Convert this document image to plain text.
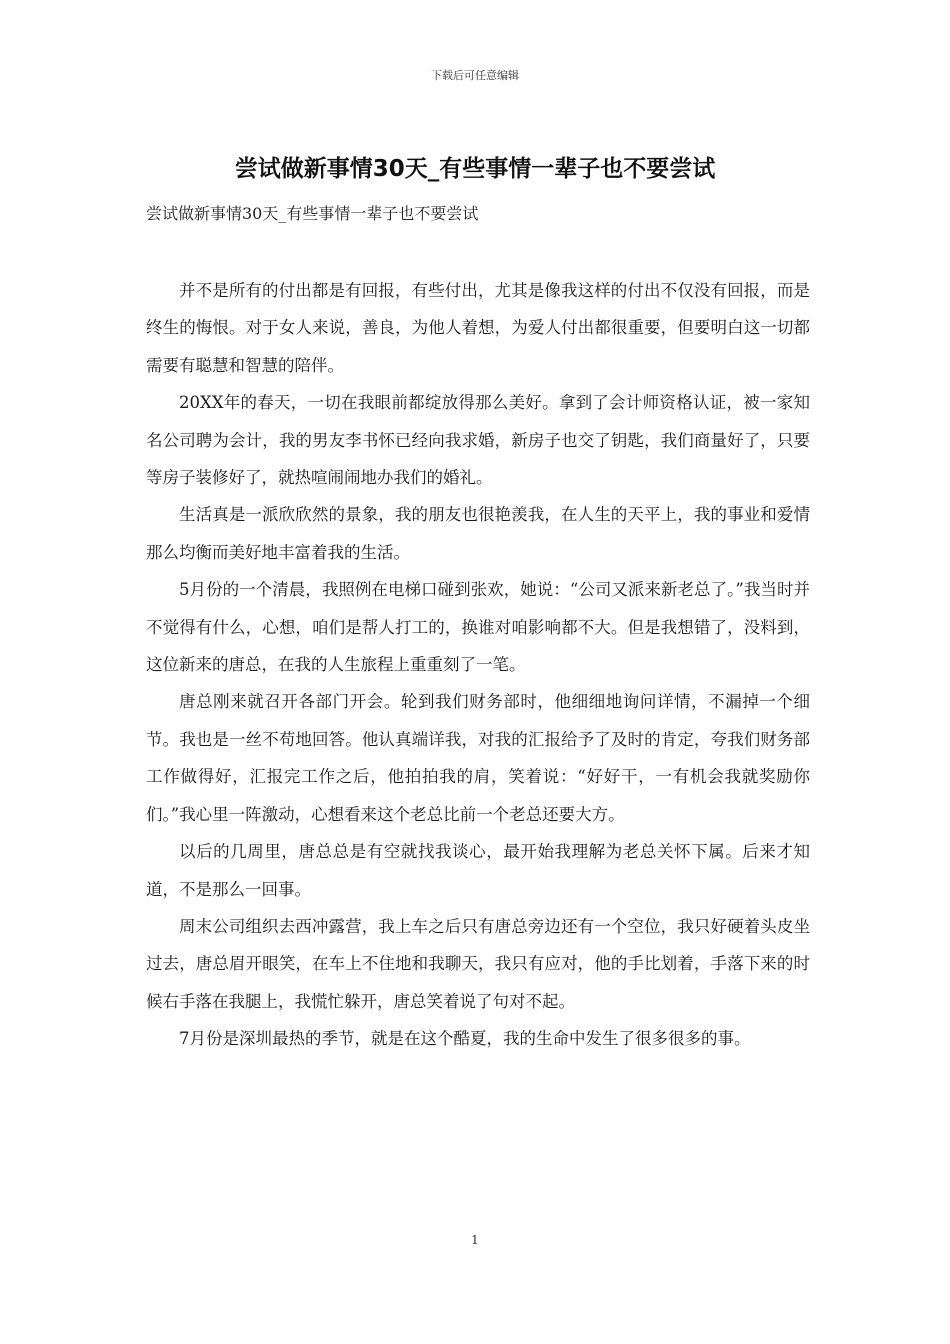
下载后可任意编辑
尝试做新事情30天_有些事情一辈子也不要尝试
尝试做新事情30天_有些事情一辈子也不要尝试

并不是所有的付出都是有回报，有些付出，尤其是像我这样的付出不仅没有回报，而是终生的悔恨。对于女人来说，善良，为他人着想，为爱人付出都很重要，但要明白这一切都需要有聪慧和智慧的陪伴。

20XX年的春天，一切在我眼前都绽放得那么美好。拿到了会计师资格认证，被一家知名公司聘为会计，我的男友李书怀已经向我求婚，新房子也交了钥匙，我们商量好了，只要等房子装修好了，就热喧闹闹地办我们的婚礼。

生活真是一派欣欣然的景象，我的朋友也很艳羡我，在人生的天平上，我的事业和爱情那么均衡而美好地丰富着我的生活。

5月份的一个清晨，我照例在电梯口碰到张欢，她说：“公司又派来新老总了。”我当时并不觉得有什么，心想，咱们是帮人打工的，换谁对咱影响都不大。但是我想错了，没料到，这位新来的唐总，在我的人生旅程上重重刻了一笔。

唐总刚来就召开各部门开会。轮到我们财务部时，他细细地询问详情，不漏掉一个细节。我也是一丝不苟地回答。他认真端详我，对我的汇报给予了及时的肯定，夸我们财务部工作做得好，汇报完工作之后，他拍拍我的肩，笑着说：“好好干，一有机会我就奖励你们。”我心里一阵激动，心想看来这个老总比前一个老总还要大方。

以后的几周里，唐总总是有空就找我谈心，最开始我理解为老总关怀下属。后来才知道，不是那么一回事。

周末公司组织去西冲露营，我上车之后只有唐总旁边还有一个空位，我只好硬着头皮坐过去，唐总眉开眼笑，在车上不住地和我聊天，我只有应对，他的手比划着，手落下来的时候右手落在我腿上，我慌忙躲开，唐总笑着说了句对不起。

7月份是深圳最热的季节，就是在这个酷夏，我的生命中发生了很多很多的事。

1
